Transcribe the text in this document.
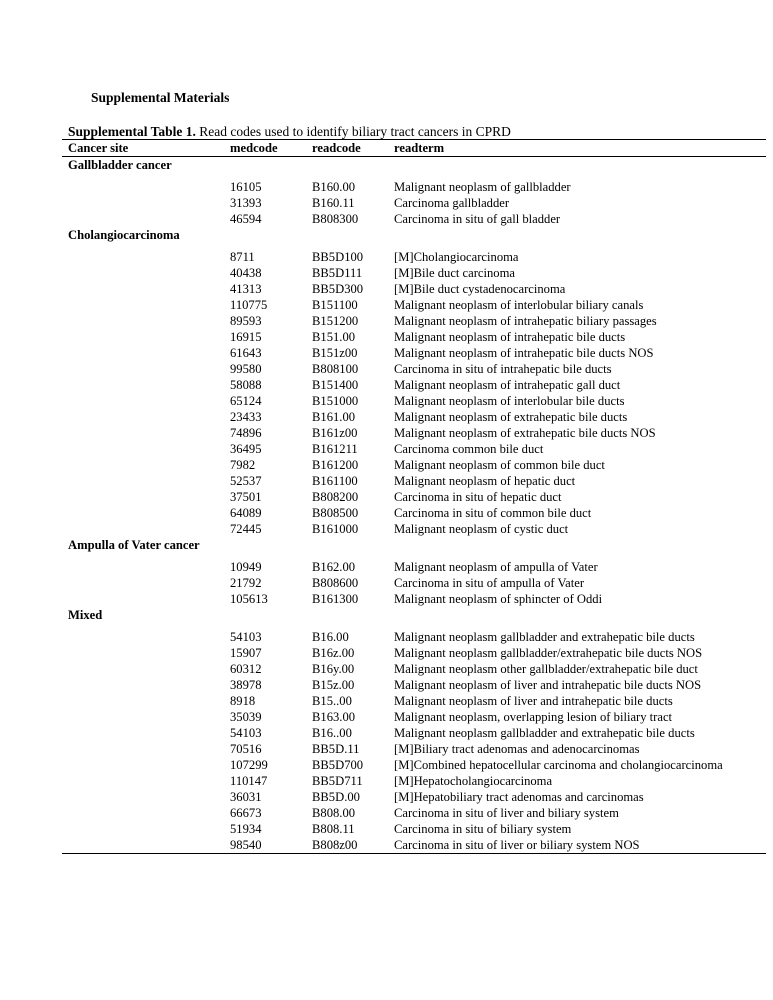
Supplemental Materials
Supplemental Table 1. Read codes used to identify biliary tract cancers in CPRD
Cancer site	medcode	readcode	readterm
Gallbladder cancer			

	16105	B160.00	Malignant neoplasm of gallbladder
	31393	B160.11	Carcinoma gallbladder
	46594	B808300	Carcinoma in situ of gall bladder
Cholangiocarcinoma			

	8711	BB5D100	[M]Cholangiocarcinoma
	40438	BB5D111	[M]Bile duct carcinoma
	41313	BB5D300	[M]Bile duct cystadenocarcinoma
	110775	B151100	Malignant neoplasm of interlobular biliary canals
	89593	B151200	Malignant neoplasm of intrahepatic biliary passages
	16915	B151.00	Malignant neoplasm of intrahepatic bile ducts
	61643	B151z00	Malignant neoplasm of intrahepatic bile ducts NOS
	99580	B808100	Carcinoma in situ of intrahepatic bile ducts
	58088	B151400	Malignant neoplasm of intrahepatic gall duct
	65124	B151000	Malignant neoplasm of interlobular bile ducts
	23433	B161.00	Malignant neoplasm of extrahepatic bile ducts
	74896	B161z00	Malignant neoplasm of extrahepatic bile ducts NOS
	36495	B161211	Carcinoma common bile duct
	7982	B161200	Malignant neoplasm of common bile duct
	52537	B161100	Malignant neoplasm of hepatic duct
	37501	B808200	Carcinoma in situ of hepatic duct
	64089	B808500	Carcinoma in situ of common bile duct
	72445	B161000	Malignant neoplasm of cystic duct
Ampulla of Vater cancer			

	10949	B162.00	Malignant neoplasm of ampulla of Vater
	21792	B808600	Carcinoma in situ of ampulla of Vater
	105613	B161300	Malignant neoplasm of sphincter of Oddi
Mixed			

	54103	B16.00	Malignant neoplasm gallbladder and extrahepatic bile ducts
	15907	B16z.00	Malignant neoplasm gallbladder/extrahepatic bile ducts NOS
	60312	B16y.00	Malignant neoplasm other gallbladder/extrahepatic bile duct
	38978	B15z.00	Malignant neoplasm of liver and intrahepatic bile ducts NOS
	8918	B15..00	Malignant neoplasm of liver and intrahepatic bile ducts
	35039	B163.00	Malignant neoplasm, overlapping lesion of biliary tract
	54103	B16..00	Malignant neoplasm gallbladder and extrahepatic bile ducts
	70516	BB5D.11	[M]Biliary tract adenomas and adenocarcinomas
	107299	BB5D700	[M]Combined hepatocellular carcinoma and cholangiocarcinoma
	110147	BB5D711	[M]Hepatocholangiocarcinoma
	36031	BB5D.00	[M]Hepatobiliary tract adenomas and carcinomas
	66673	B808.00	Carcinoma in situ of liver and biliary system
	51934	B808.11	Carcinoma in situ of biliary system
	98540	B808z00	Carcinoma in situ of liver or biliary system NOS
